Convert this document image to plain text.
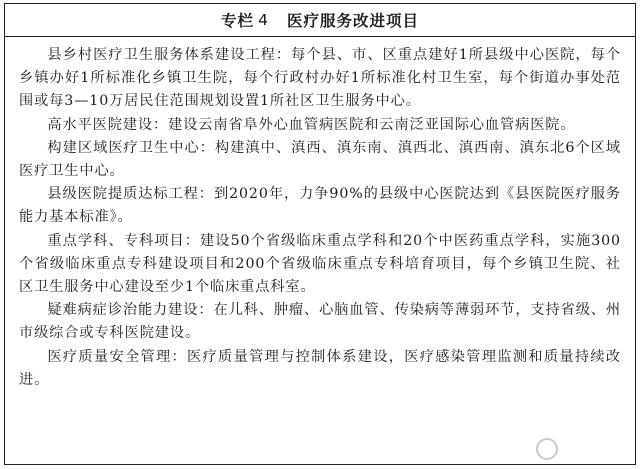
专栏 4 医疗服务改进项目

县乡村医疗卫生服务体系建设工程：每个县、市、区重点建好1所县级中心医院，每个乡镇办好1所标准化乡镇卫生院，每个行政村办好1所标准化村卫生室，每个街道办事处范围或每3—10万居民住范围规划设置1所社区卫生服务中心。

高水平医院建设：建设云南省阜外心血管病医院和云南泛亚国际心血管病医院。

构建区域医疗卫生中心：构建滇中、滇西、滇东南、滇西北、滇西南、滇东北6个区域医疗卫生中心。

县级医院提质达标工程：到2020年，力争90%的县级中心医院达到《县医院医疗服务能力基本标准》。

重点学科、专科项目：建设50个省级临床重点学科和20个中医药重点学科，实施300个省级临床重点专科建设项目和200个省级临床重点专科培育项目，每个乡镇卫生院、社区卫生服务中心建设至少1个临床重点科室。

疑难病症诊治能力建设：在儿科、肿瘤、心脑血管、传染病等薄弱环节，支持省级、州市级综合或专科医院建设。

医疗质量安全管理：医疗质量管理与控制体系建设，医疗感染管理监测和质量持续改进。
